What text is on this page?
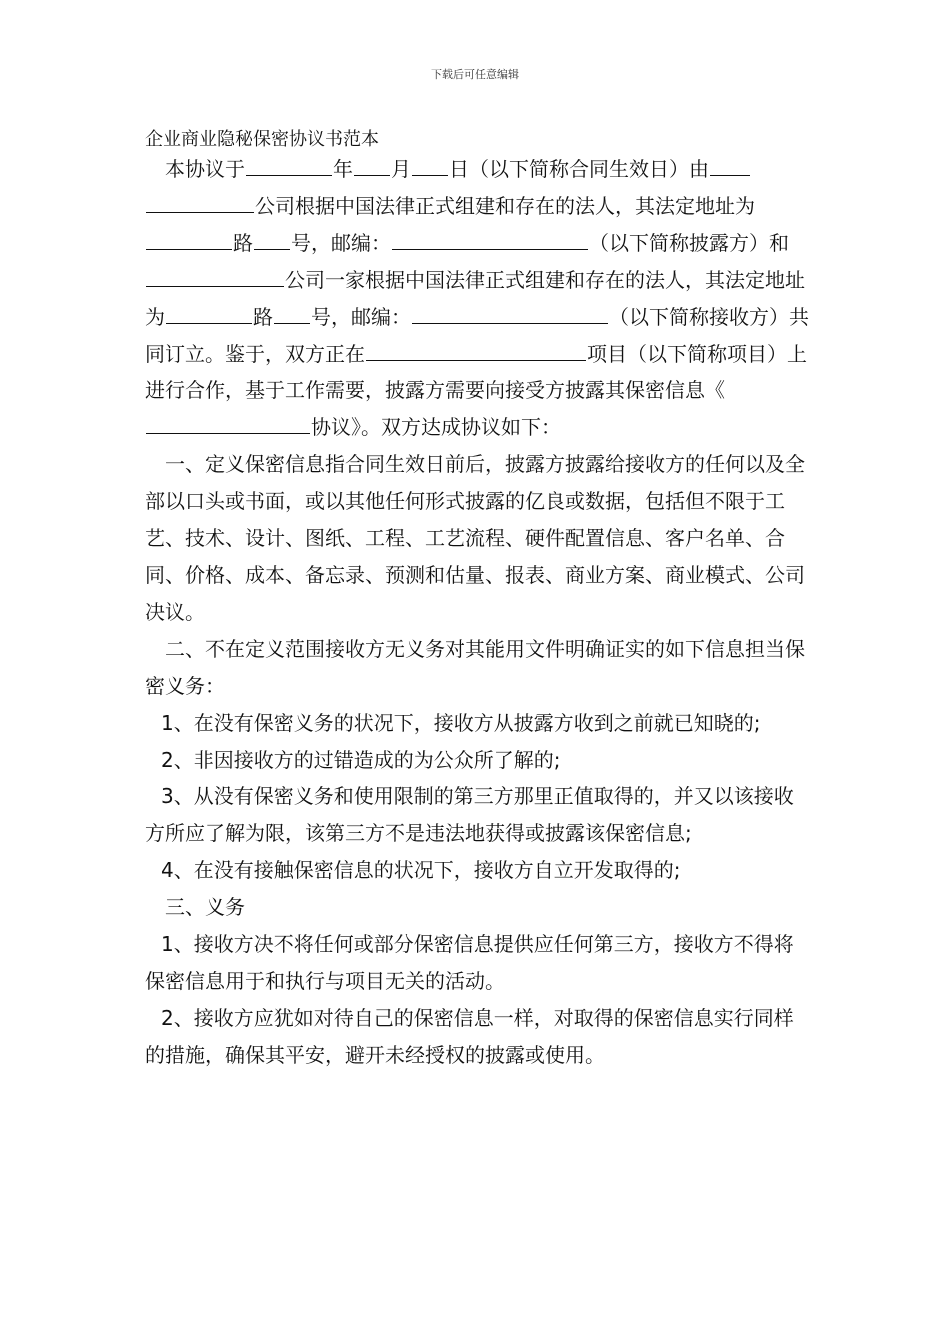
下载后可任意编辑
企业商业隐秘保密协议书范本

本协议于	年 月 日（以下简称合同生效日）由公司根据中国法律正式组建和存在的法人，其法定地址为路 号，邮编：	（以下简称披露方）和公司一家根据中国法律正式组建和存在的法人，其法定地址为	路 号，邮编：	（以下简称接收方）共同订立。鉴于，双方正在	项目（以下简称项目）上进行合作，基于工作需要，披露方需要向接受方披露其保密信息《协议》。双方达成协议如下：

一、定义保密信息指合同生效日前后，披露方披露给接收方的任何以及全部以口头或书面，或以其他任何形式披露的亿良或数据，包括但不限于工艺、技术、设计、图纸、工程、工艺流程、硬件配置信息、客户名单、合同、价格、成本、备忘录、预测和估量、报表、商业方案、商业模式、公司决议。

二、不在定义范围接收方无义务对其能用文件明确证实的如下信息担当保密义务：

1、在没有保密义务的状况下，接收方从披露方收到之前就已知晓的;

2、非因接收方的过错造成的为公众所了解的;

3、从没有保密义务和使用限制的第三方那里正值取得的，并又以该接收方所应了解为限，该第三方不是违法地获得或披露该保密信息;

4、在没有接触保密信息的状况下，接收方自立开发取得的;

三、义务

1、接收方决不将任何或部分保密信息提供应任何第三方，接收方不得将保密信息用于和执行与项目无关的活动。

2、接收方应犹如对待自己的保密信息一样，对取得的保密信息实行同样的措施，确保其平安，避开未经授权的披露或使用。
